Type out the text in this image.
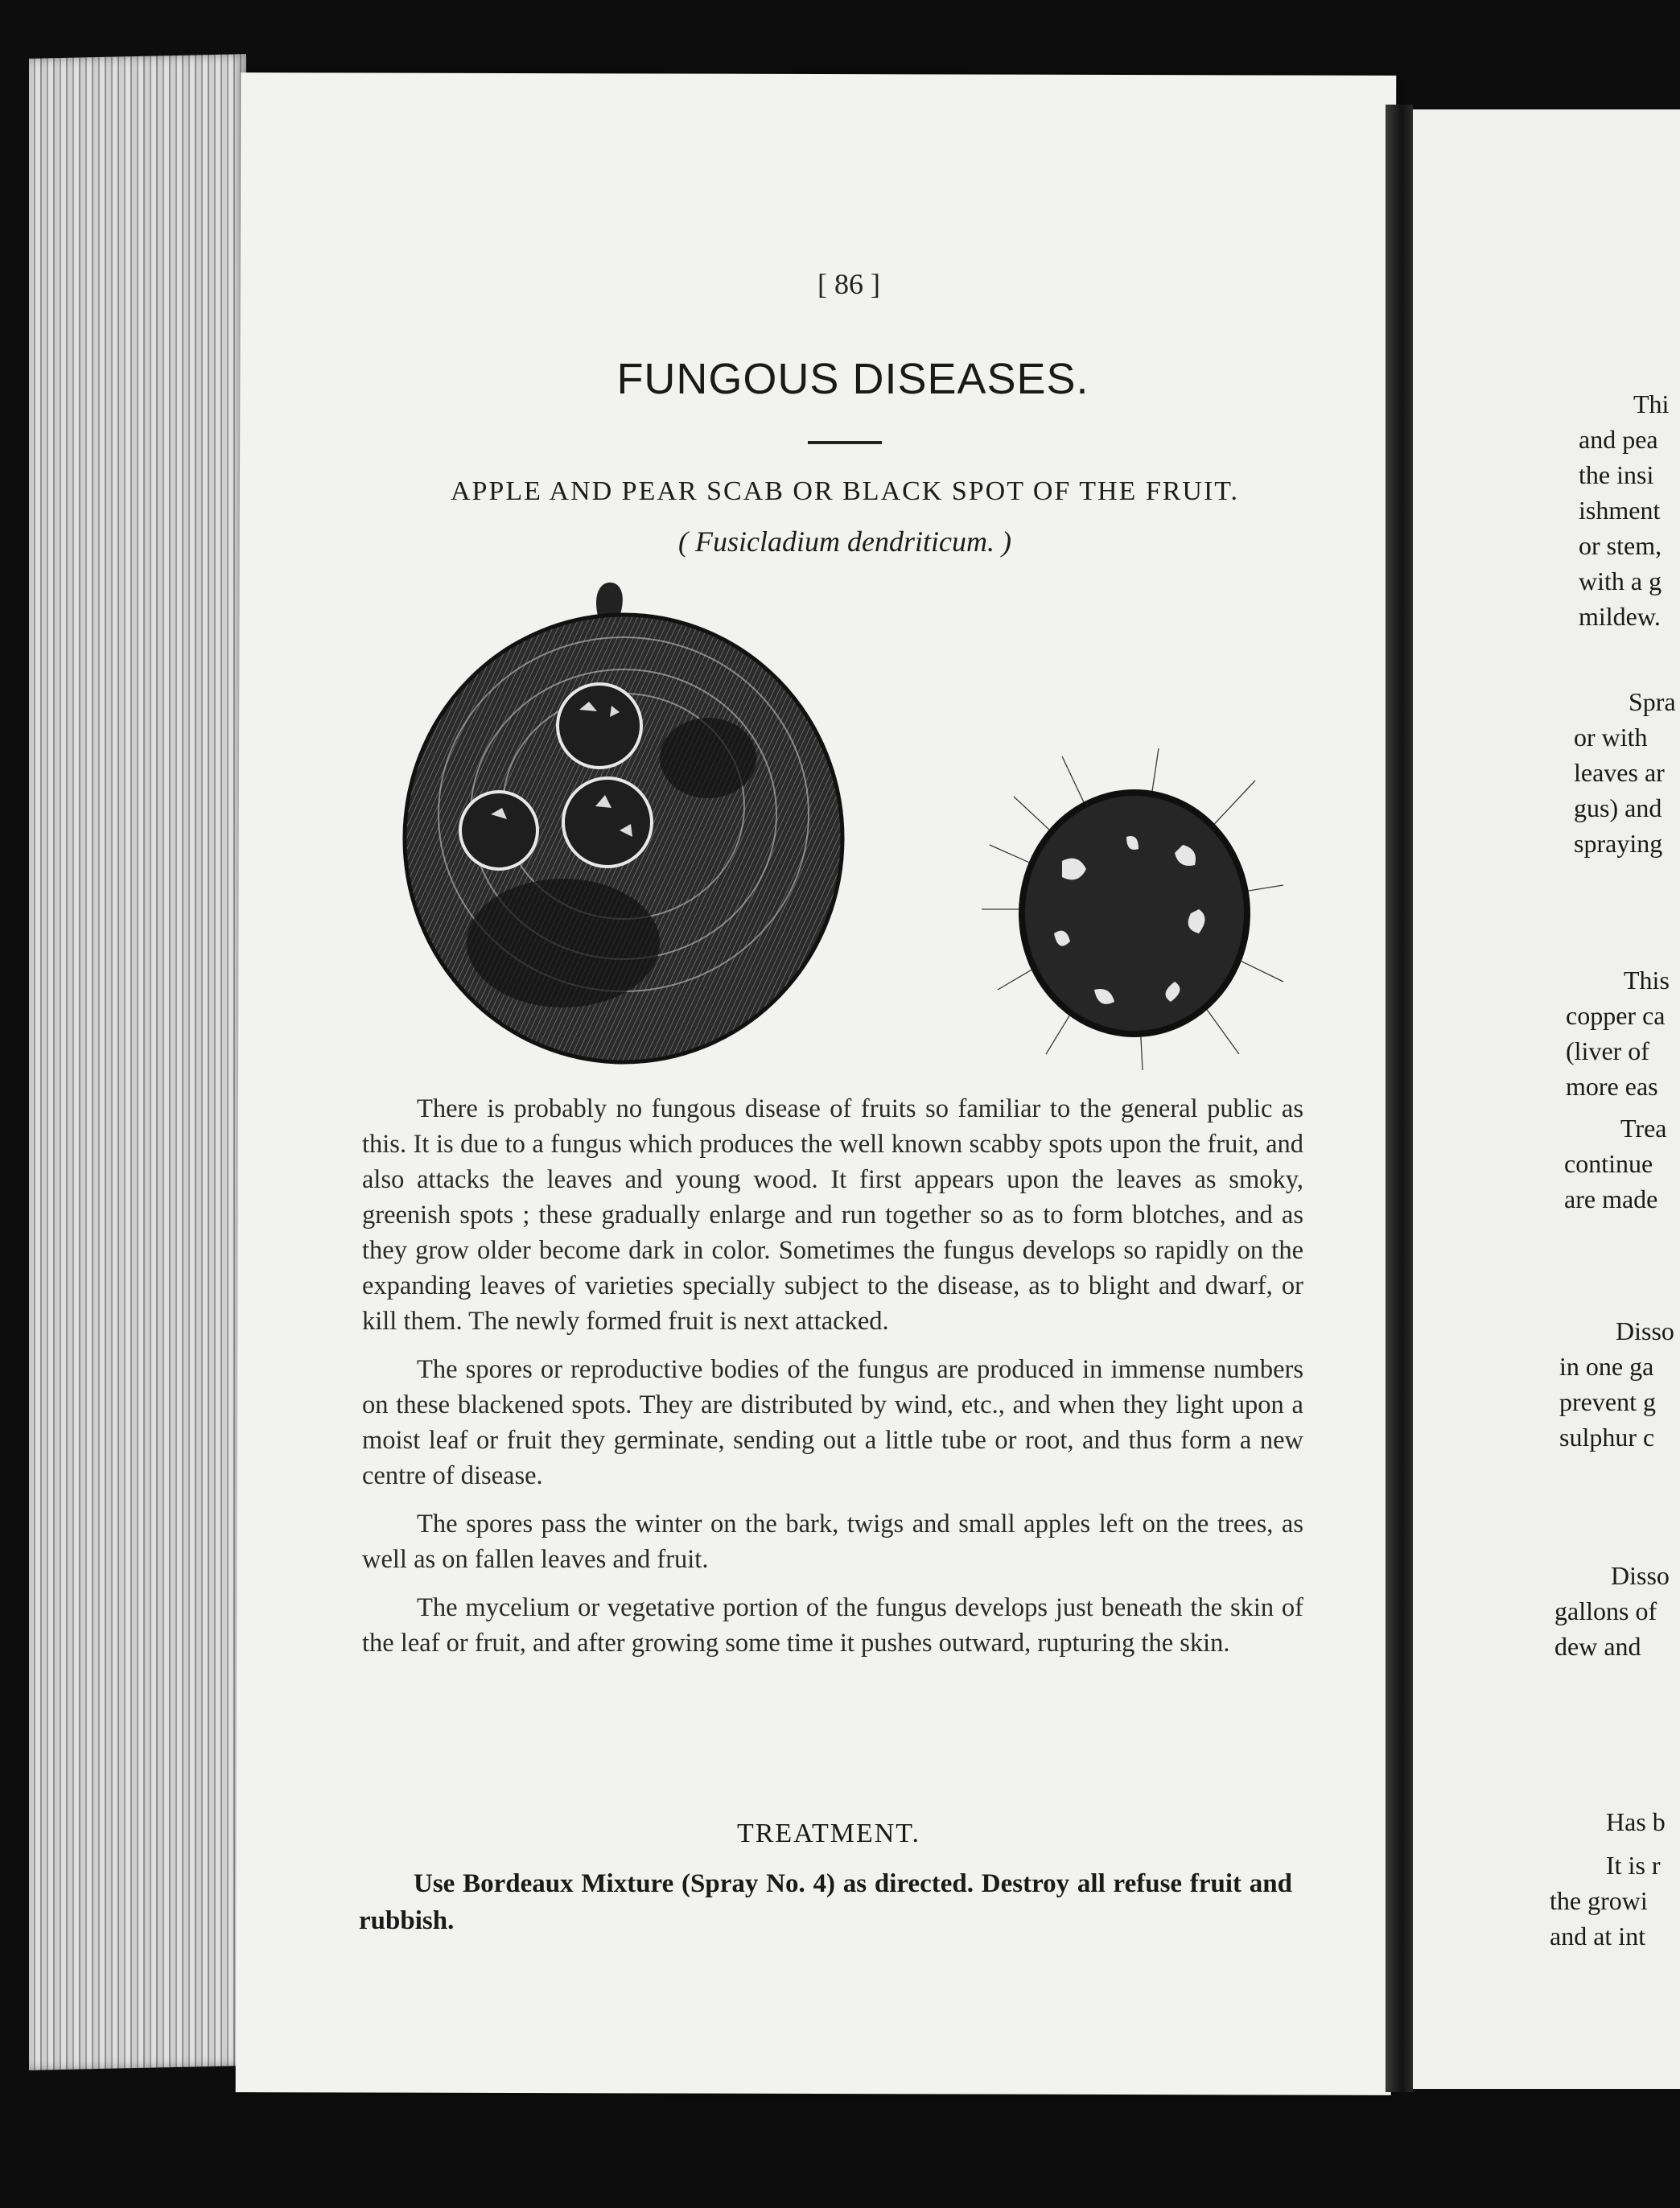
[ 86 ]
FUNGOUS DISEASES.
APPLE AND PEAR SCAB OR BLACK SPOT OF THE FRUIT.
( Fusicladium dendriticum. )

There is probably no fungous disease of fruits so familiar to the general public as this. It is due to a fungus which produces the well known scabby spots upon the fruit, and also attacks the leaves and young wood. It first appears upon the leaves as smoky, greenish spots ; these gradually enlarge and run together so as to form blotches, and as they grow older become dark in color. Sometimes the fungus develops so rapidly on the expanding leaves of varieties specially subject to the disease, as to blight and dwarf, or kill them. The newly formed fruit is next attacked.

The spores or reproductive bodies of the fungus are produced in immense numbers on these blackened spots. They are distributed by wind, etc., and when they light upon a moist leaf or fruit they germinate, sending out a little tube or root, and thus form a new centre of disease.

The spores pass the winter on the bark, twigs and small apples left on the trees, as well as on fallen leaves and fruit.

The mycelium or vegetative portion of the fungus develops just beneath the skin of the leaf or fruit, and after growing some time it pushes outward, rupturing the skin.

TREATMENT.
Use Bordeaux Mixture (Spray No. 4) as directed. Destroy all refuse fruit and rubbish.
Thi
and pea
the insi
ishment
or stem,
with a g
mildew.
Spra
or with
leaves ar
gus) and
spraying
This
copper ca
(liver of
more eas
Trea
continue
are made
Disso
in one ga
prevent g
sulphur c
Disso
gallons of
dew and
Has b
It is r
the growi
and at int
